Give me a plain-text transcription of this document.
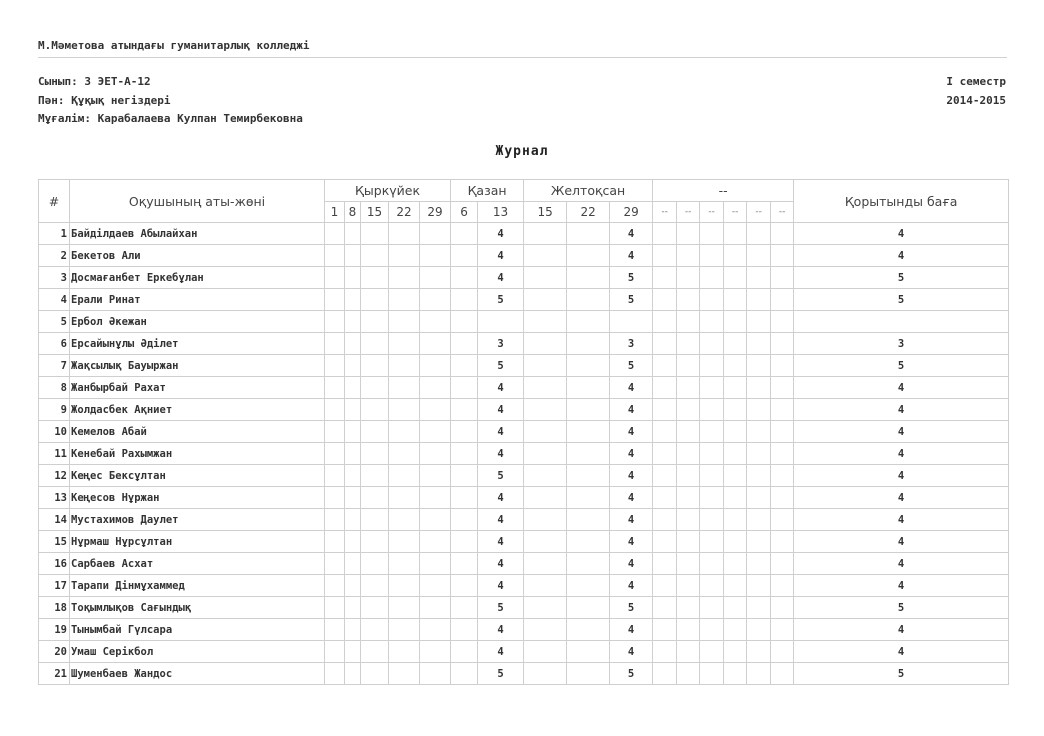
М.Мәметова атындағы гуманитарлық колледжі
Сынып: 3 ЭЕТ-А-12
Пән: Құқық негіздері
Мұғалім: Карабалаева Кулпан Темирбековна
I семестр
2014-2015
Журнал
#	Оқушының аты-жөні	Қыркүйек					Қазан		Желтоқсан			--						Қорытынды баға
		1	8	15	22	29	6	13	15	22	29	--	--	--	--	--	--	
1	Байділдаев Абылайхан							4			4							4
2	Бекетов Али							4			4							4
3	Досмағанбет Еркебұлан							4			5							5
4	Ерали Ринат							5			5							5
5	Ербол Әкежан																	
6	Ерсайынұлы Әділет							3			3							3
7	Жақсылық Бауыржан							5			5							5
8	Жанбырбай Рахат							4			4							4
9	Жолдасбек Ақниет							4			4							4
10	Кемелов Абай							4			4							4
11	Кенебай Рахымжан							4			4							4
12	Кеңес Бексұлтан							5			4							4
13	Кеңесов Нұржан							4			4							4
14	Мустахимов Даулет							4			4							4
15	Нұрмаш Нұрсұлтан							4			4							4
16	Сарбаев Асхат							4			4							4
17	Тарапи Дінмұхаммед							4			4							4
18	Тоқымлықов Сағындық							5			5							5
19	Тынымбай Гүлсара							4			4							4
20	Умаш Серікбол							4			4							4
21	Шуменбаев Жандос							5			5							5
